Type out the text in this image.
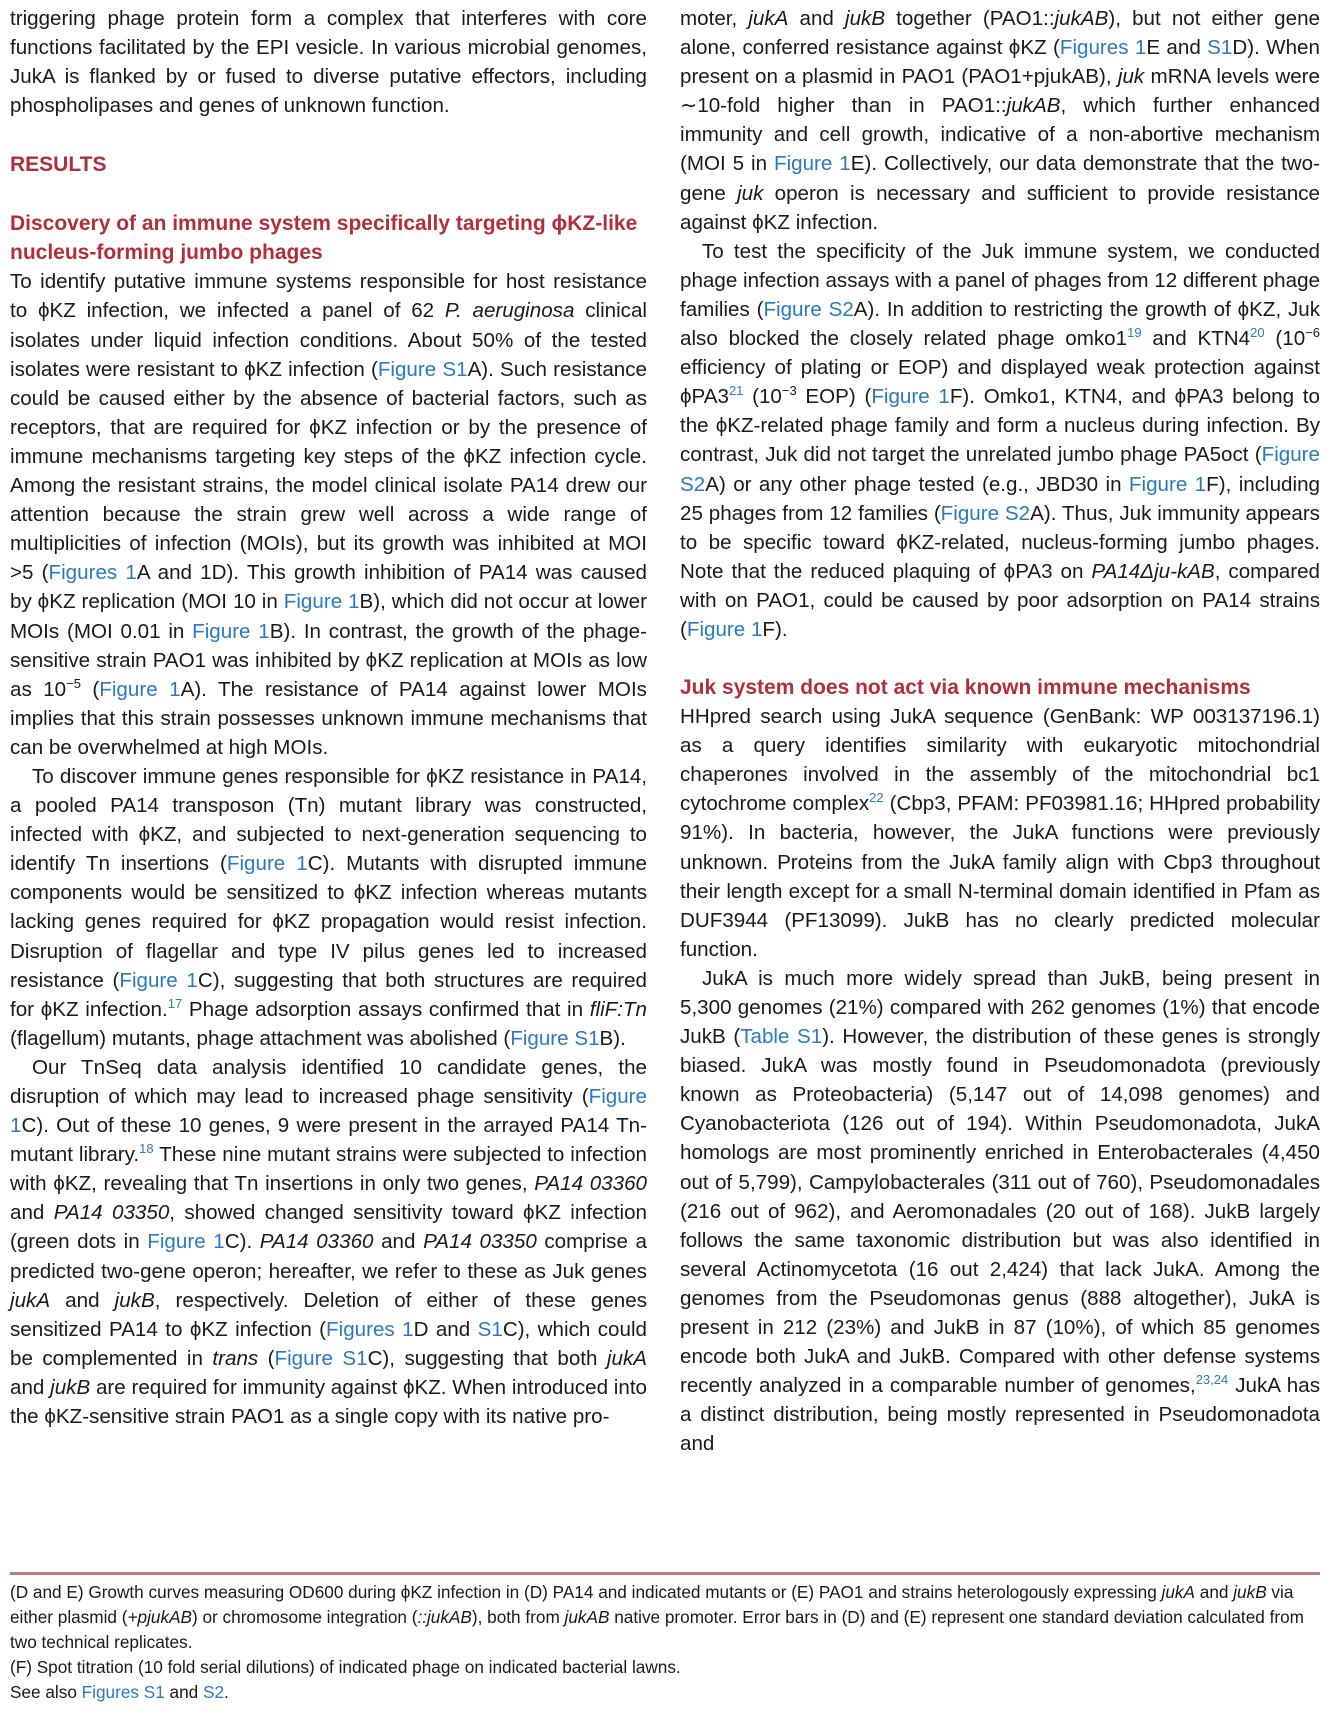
triggering phage protein form a complex that interferes with core functions facilitated by the EPI vesicle. In various microbial genomes, JukA is flanked by or fused to diverse putative effectors, including phospholipases and genes of unknown function.

RESULTS
Discovery of an immune system specifically targeting ϕKZ-like nucleus-forming jumbo phages

To identify putative immune systems responsible for host resistance to ϕKZ infection, we infected a panel of 62 P. aeruginosa clinical isolates under liquid infection conditions. About 50% of the tested isolates were resistant to ϕKZ infection (Figure S1A). Such resistance could be caused either by the absence of bacterial factors, such as receptors, that are required for ϕKZ infection or by the presence of immune mechanisms targeting key steps of the ϕKZ infection cycle. Among the resistant strains, the model clinical isolate PA14 drew our attention because the strain grew well across a wide range of multiplicities of infection (MOIs), but its growth was inhibited at MOI >5 (Figures 1A and 1D). This growth inhibition of PA14 was caused by ϕKZ replication (MOI 10 in Figure 1B), which did not occur at lower MOIs (MOI 0.01 in Figure 1B). In contrast, the growth of the phage-sensitive strain PAO1 was inhibited by ϕKZ replication at MOIs as low as $10^{-5}$ (Figure 1A). The resistance of PA14 against lower MOIs implies that this strain possesses unknown immune mechanisms that can be overwhelmed at high MOIs.

To discover immune genes responsible for ϕKZ resistance in PA14, a pooled PA14 transposon (Tn) mutant library was constructed, infected with ϕKZ, and subjected to next-generation sequencing to identify Tn insertions (Figure 1C). Mutants with disrupted immune components would be sensitized to ϕKZ infection whereas mutants lacking genes required for ϕKZ propagation would resist infection. Disruption of flagellar and type IV pilus genes led to increased resistance (Figure 1C), suggesting that both structures are required for ϕKZ infection.$^{17}$ Phage adsorption assays confirmed that in fliF:Tn (flagellum) mutants, phage attachment was abolished (Figure S1B).

Our TnSeq data analysis identified 10 candidate genes, the disruption of which may lead to increased phage sensitivity (Figure 1C). Out of these 10 genes, 9 were present in the arrayed PA14 Tn-mutant library.$^{18}$ These nine mutant strains were subjected to infection with ϕKZ, revealing that Tn insertions in only two genes, PA14 03360 and PA14 03350, showed changed sensitivity toward ϕKZ infection (green dots in Figure 1C). PA14 03360 and PA14 03350 comprise a predicted two-gene operon; hereafter, we refer to these as Juk genes jukA and jukB, respectively. Deletion of either of these genes sensitized PA14 to ϕKZ infection (Figures 1D and S1C), which could be complemented in trans (Figure S1C), suggesting that both jukA and jukB are required for immunity against ϕKZ. When introduced into the ϕKZ-sensitive strain PAO1 as a single copy with its native pro-

moter, jukA and jukB together (PAO1::jukAB), but not either gene alone, conferred resistance against ϕKZ (Figures 1E and S1D). When present on a plasmid in PAO1 (PAO1+pjukAB), juk mRNA levels were ∼10-fold higher than in PAO1::jukAB, which further enhanced immunity and cell growth, indicative of a non-abortive mechanism (MOI 5 in Figure 1E). Collectively, our data demonstrate that the two-gene juk operon is necessary and sufficient to provide resistance against ϕKZ infection.

To test the specificity of the Juk immune system, we conducted phage infection assays with a panel of phages from 12 different phage families (Figure S2A). In addition to restricting the growth of ϕKZ, Juk also blocked the closely related phage $omko1^{19}$ and $KTN4^{20}$ ($10^{-6}$ efficiency of plating or EOP) and displayed weak protection against $\phi PA3^{21}$ ($10^{-3}$ EOP) (Figure 1F). Omko1, KTN4, and ϕPA3 belong to the ϕKZ-related phage family and form a nucleus during infection. By contrast, Juk did not target the unrelated jumbo phage PA5oct (Figure S2A) or any other phage tested (e.g., JBD30 in Figure 1F), including 25 phages from 12 families (Figure S2A). Thus, Juk immunity appears to be specific toward ϕKZ-related, nucleus-forming jumbo phages. Note that the reduced plaquing of ϕPA3 on PA14Δju-kAB, compared with on PAO1, could be caused by poor adsorption on PA14 strains (Figure 1F).

Juk system does not act via known immune mechanisms

HHpred search using JukA sequence (GenBank: WP 003137196.1) as a query identifies similarity with eukaryotic mitochondrial chaperones involved in the assembly of the mitochondrial bc1 cytochrome complex$^{22}$ (Cbp3, PFAM: PF03981.16; HHpred probability 91%). In bacteria, however, the JukA functions were previously unknown. Proteins from the JukA family align with Cbp3 throughout their length except for a small N-terminal domain identified in Pfam as DUF3944 (PF13099). JukB has no clearly predicted molecular function.

JukA is much more widely spread than JukB, being present in 5,300 genomes (21%) compared with 262 genomes (1%) that encode JukB (Table S1). However, the distribution of these genes is strongly biased. JukA was mostly found in Pseudomonadota (previously known as Proteobacteria) (5,147 out of 14,098 genomes) and Cyanobacteriota (126 out of 194). Within Pseudomonadota, JukA homologs are most prominently enriched in Enterobacterales (4,450 out of 5,799), Campylobacterales (311 out of 760), Pseudomonadales (216 out of 962), and Aeromonadales (20 out of 168). JukB largely follows the same taxonomic distribution but was also identified in several Actinomycetota (16 out 2,424) that lack JukA. Among the genomes from the Pseudomonas genus (888 altogether), JukA is present in 212 (23%) and JukB in 87 (10%), of which 85 genomes encode both JukA and JukB. Compared with other defense systems recently analyzed in a comparable number of genomes,$^{23,24}$ JukA has a distinct distribution, being mostly represented in Pseudomonadota and

(D and E) Growth curves measuring OD600 during ϕKZ infection in (D) PA14 and indicated mutants or (E) PAO1 and strains heterologously expressing jukA and jukB via either plasmid (+pjukAB) or chromosome integration (::jukAB), both from jukAB native promoter. Error bars in (D) and (E) represent one standard deviation calculated from two technical replicates.

(F) Spot titration (10 fold serial dilutions) of indicated phage on indicated bacterial lawns.

See also Figures S1 and S2.
